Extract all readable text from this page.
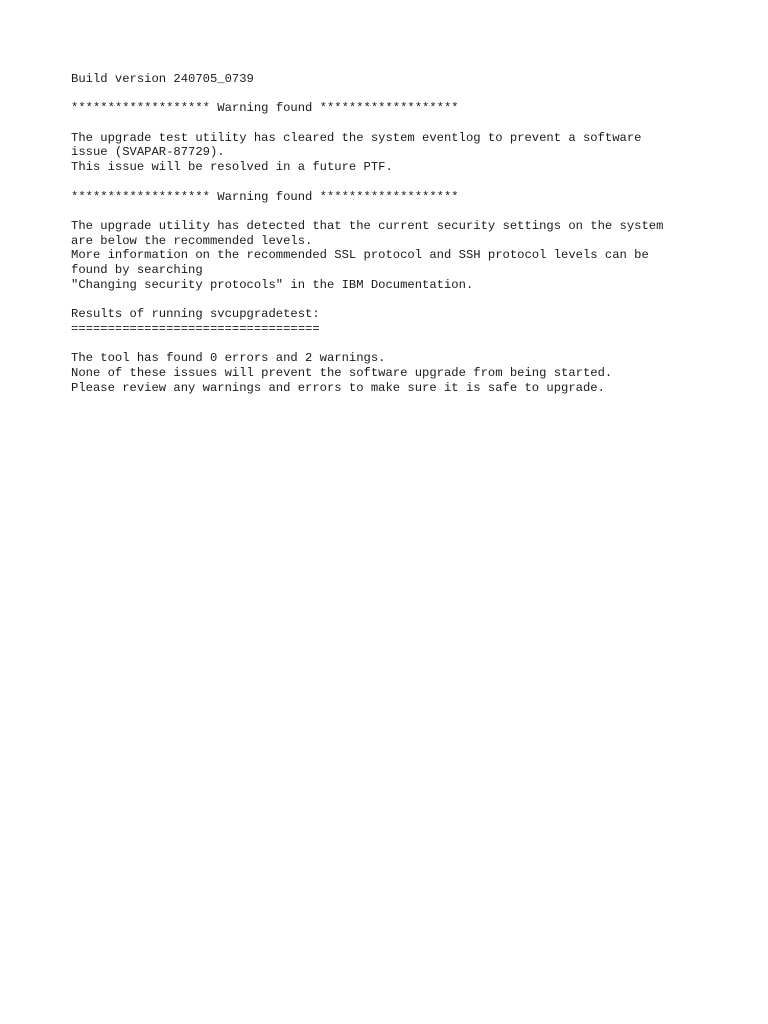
Build version 240705_0739
******************* Warning found *******************
The upgrade test utility has cleared the system eventlog to prevent a software
issue (SVAPAR-87729).
This issue will be resolved in a future PTF.
******************* Warning found *******************
The upgrade utility has detected that the current security settings on the system
are below the recommended levels.
More information on the recommended SSL protocol and SSH protocol levels can be
found by searching
"Changing security protocols" in the IBM Documentation.
Results of running svcupgradetest:
==================================
The tool has found 0 errors and 2 warnings.
None of these issues will prevent the software upgrade from being started.
Please review any warnings and errors to make sure it is safe to upgrade.
